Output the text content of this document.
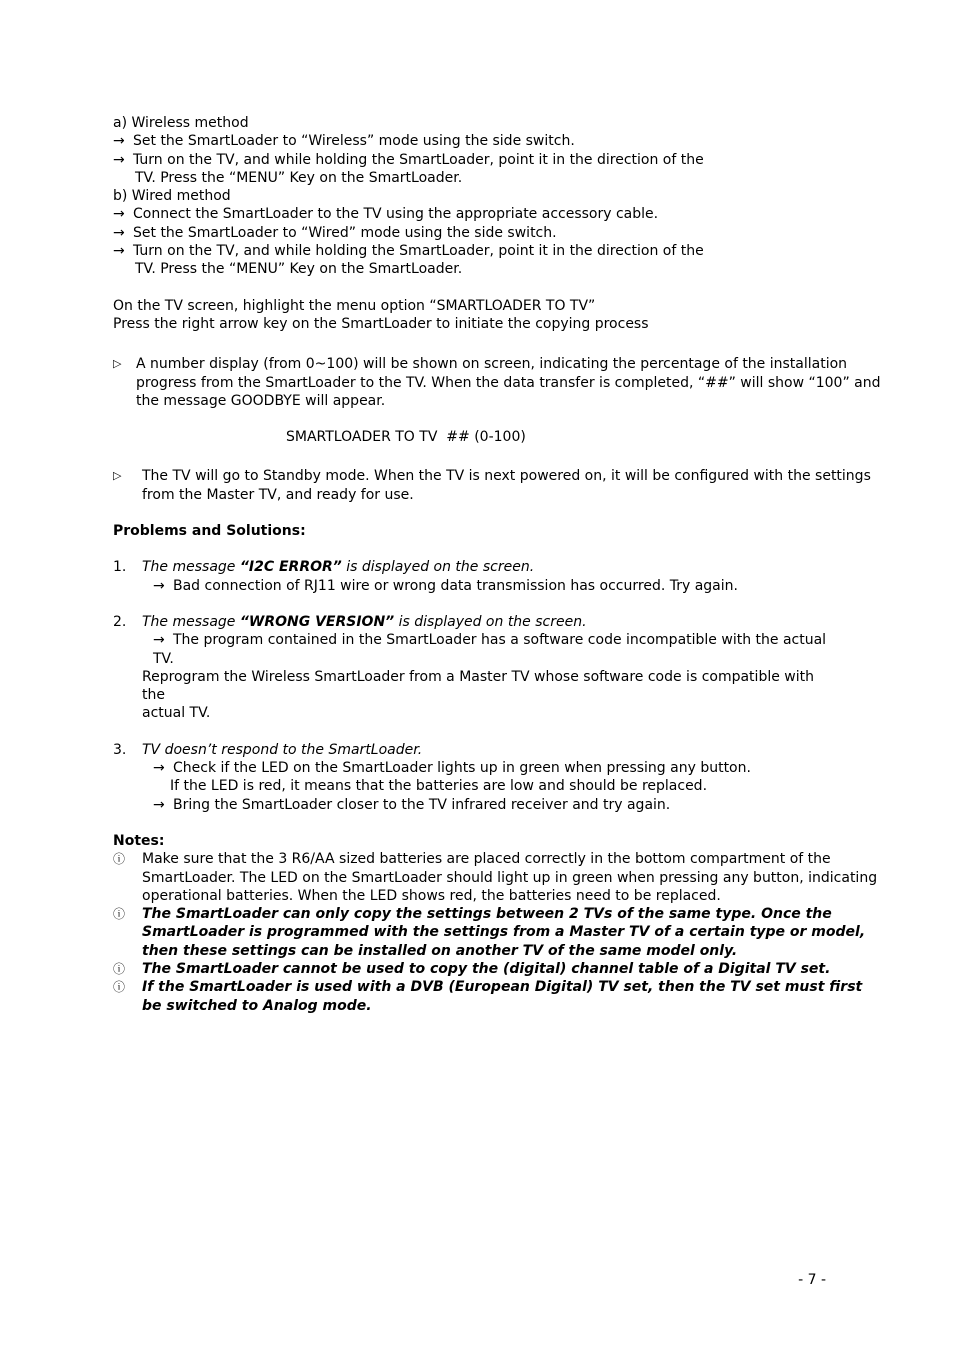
a) Wireless method
→ Set the SmartLoader to “Wireless” mode using the side switch.
→ Turn on the TV, and while holding the SmartLoader, point it in the direction of the
TV. Press the “MENU” Key on the SmartLoader.
b) Wired method
→ Connect the SmartLoader to the TV using the appropriate accessory cable.
→ Set the SmartLoader to “Wired” mode using the side switch.
→ Turn on the TV, and while holding the SmartLoader, point it in the direction of the
TV. Press the “MENU” Key on the SmartLoader.
On the TV screen, highlight the menu option “SMARTLOADER TO TV”
Press the right arrow key on the SmartLoader to initiate the copying process
▷	A number display (from 0~100) will be shown on screen, indicating the percentage of the installation
progress from the SmartLoader to the TV. When the data transfer is completed, “##” will show “100” and
the message GOODBYE will appear.
SMARTLOADER TO TV  ## (0-100)
▷	The TV will go to Standby mode. When the TV is next powered on, it will be configured with the settings
from the Master TV, and ready for use.
Problems and Solutions:
1.	The message “I2C ERROR” is displayed on the screen.
→ Bad connection of RJ11 wire or wrong data transmission has occurred. Try again.
2.	The message “WRONG VERSION” is displayed on the screen.
→ The program contained in the SmartLoader has a software code incompatible with the actual TV.
Reprogram the Wireless SmartLoader from a Master TV whose software code is compatible with the
actual TV.
3.	TV doesn’t respond to the SmartLoader.
→ Check if the LED on the SmartLoader lights up in green when pressing any button.
If the LED is red, it means that the batteries are low and should be replaced.
→ Bring the SmartLoader closer to the TV infrared receiver and try again.
Notes:
ⓘ	Make sure that the 3 R6/AA sized batteries are placed correctly in the bottom compartment of the
SmartLoader. The LED on the SmartLoader should light up in green when pressing any button, indicating
operational batteries. When the LED shows red, the batteries need to be replaced.
ⓘ	The SmartLoader can only copy the settings between 2 TVs of the same type. Once the
SmartLoader is programmed with the settings from a Master TV of a certain type or model,
then these settings can be installed on another TV of the same model only.
ⓘ	The SmartLoader cannot be used to copy the (digital) channel table of a Digital TV set.
ⓘ	If the SmartLoader is used with a DVB (European Digital) TV set, then the TV set must first
be switched to Analog mode.
- 7 -
